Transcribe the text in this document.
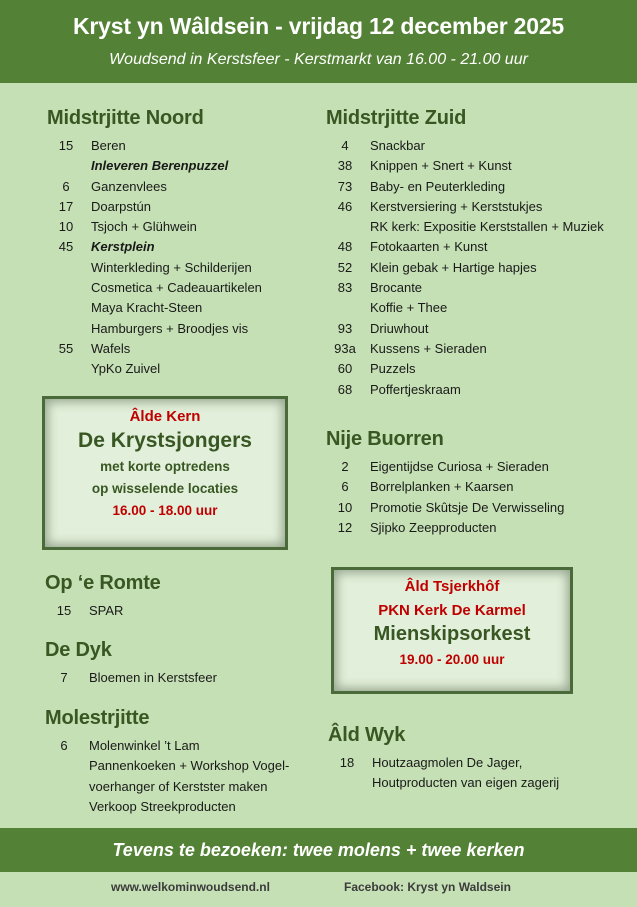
Kryst yn Wâldsein - vrijdag 12 december 2025
Woudsend in Kerstsfeer - Kerstmarkt van 16.00 - 21.00 uur
Midstrjitte Noord
15	Beren
Inleveren Berenpuzzel
6	Ganzenvlees
17	Doarpstún
10	Tsjoch + Glühwein
45	Kerstplein
Winterkleding + Schilderijen
Cosmetica + Cadeauartikelen
Maya Kracht-Steen
Hamburgers + Broodjes vis
55	Wafels
YpKo Zuivel
Midstrjitte Zuid
4	Snackbar
38	Knippen + Snert + Kunst
73	Baby- en Peuterkleding
46	Kerstversiering + Kerststukjes
RK kerk: Expositie Kerststallen + Muziek
48	Fotokaarten + Kunst
52	Klein gebak + Hartige hapjes
83	Brocante
Koffie + Thee
93	Driuwhout
93a	Kussens + Sieraden
60	Puzzels
68	Poffertjeskraam
Âlde Kern
De Krystsjongers
met korte optredens
op wisselende locaties
16.00 - 18.00 uur
Nije Buorren
2	Eigentijdse Curiosa + Sieraden
6	Borrelplanken + Kaarsen
10	Promotie Skûtsje De Verwisseling
12	Sjipko Zeepproducten
Op ‘e Romte
15	SPAR
De Dyk
7	Bloemen in Kerstsfeer
Molestrjitte
6	Molenwinkel ’t Lam
Pannenkoeken + Workshop Vogel-
voerhanger of Kerstster maken
Verkoop Streekproducten
Âld Tsjerkhôf
PKN Kerk De Karmel
Mienskipsorkest
19.00 - 20.00 uur
Âld Wyk
18	Houtzaagmolen De Jager,
Houtproducten van eigen zagerij
Tevens te bezoeken: twee molens + twee kerken
www.welkominwoudsend.nl	Facebook: Kryst yn Waldsein
